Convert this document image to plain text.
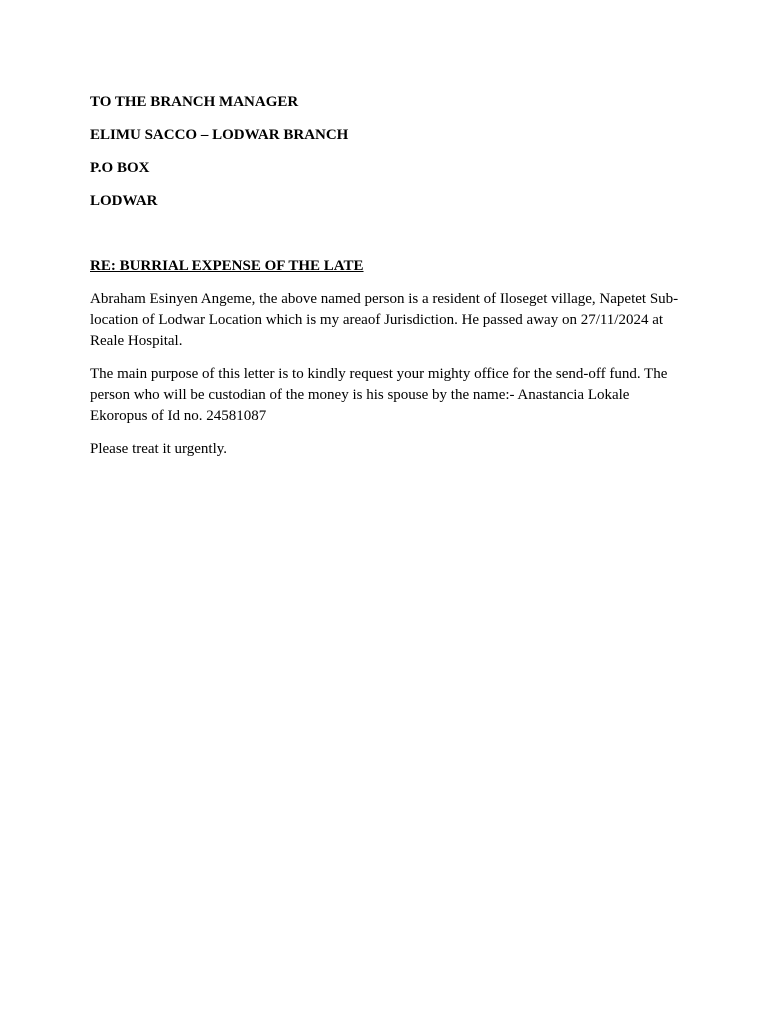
TO THE BRANCH MANAGER

ELIMU SACCO – LODWAR BRANCH

P.O BOX

LODWAR

RE: BURRIAL EXPENSE OF THE LATE

Abraham Esinyen Angeme, the above named person is a resident of Iloseget village, Napetet Sub-location of Lodwar Location which is my areaof Jurisdiction. He passed away on 27/11/2024 at Reale Hospital.

The main purpose of this letter is to kindly request your mighty office for the send-off fund. The person who will be custodian of the money is his spouse by the name:- Anastancia Lokale Ekoropus of Id no. 24581087

Please treat it urgently.
